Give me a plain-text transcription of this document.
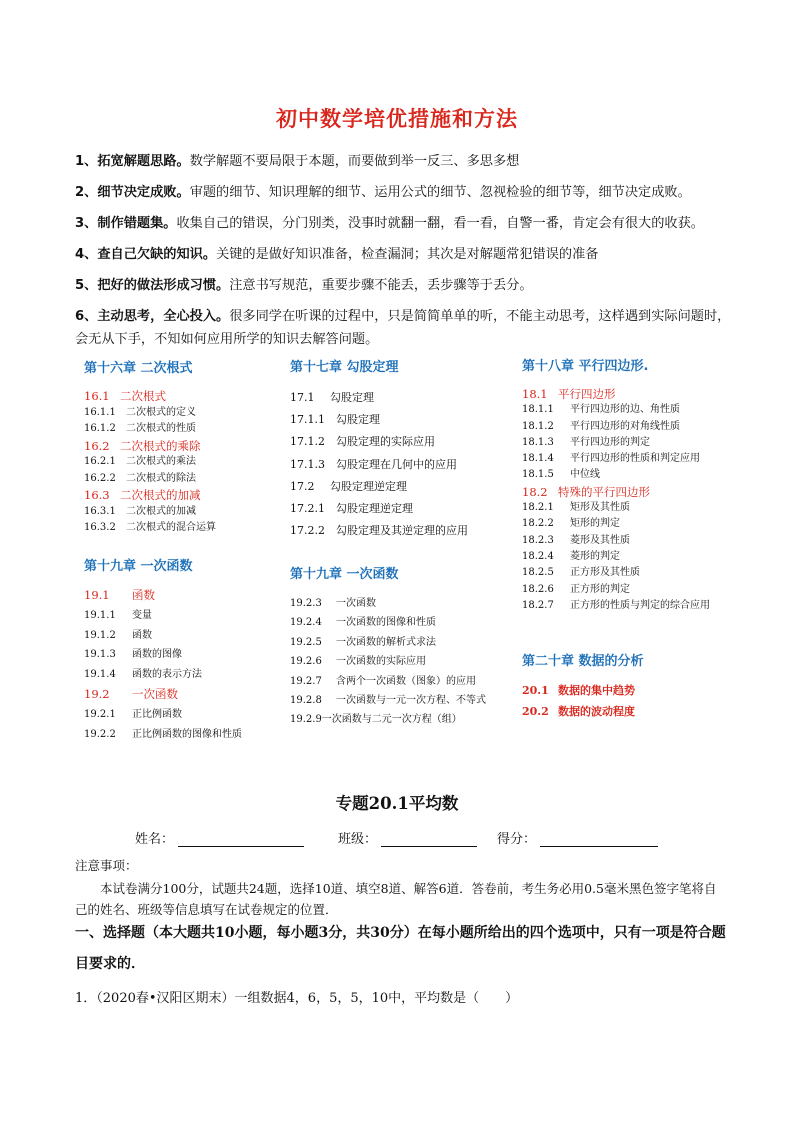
初中数学培优措施和方法

1、拓宽解题思路。数学解题不要局限于本题，而要做到举一反三、多思多想

2、细节决定成败。审题的细节、知识理解的细节、运用公式的细节、忽视检验的细节等，细节决定成败。

3、制作错题集。收集自己的错误，分门别类，没事时就翻一翻，看一看，自警一番，肯定会有很大的收获。

4、查自己欠缺的知识。关键的是做好知识准备，检查漏洞；其次是对解题常犯错误的准备

5、把好的做法形成习惯。注意书写规范，重要步骤不能丢，丢步骤等于丢分。

6、主动思考，全心投入。很多同学在听课的过程中，只是简简单单的听，不能主动思考，这样遇到实际问题时，会无从下手，不知如何应用所学的知识去解答问题。

第十六章 二次根式
16.1 二次根式
16.1.1	二次根式的定义
16.1.2	二次根式的性质
16.2 二次根式的乘除
16.2.1	二次根式的乘法
16.2.2	二次根式的除法
16.3 二次根式的加减
16.3.1	二次根式的加减
16.3.2	二次根式的混合运算
第十九章 一次函数
19.1	函数
19.1.1	变量
19.1.2	函数
19.1.3	函数的图像
19.1.4	函数的表示方法
19.2	一次函数
19.2.1	正比例函数
19.2.2	正比例函数的图像和性质
第十七章 勾股定理
17.1	勾股定理
17.1.1	勾股定理
17.1.2	勾股定理的实际应用
17.1.3	勾股定理在几何中的应用
17.2	勾股定理逆定理
17.2.1	勾股定理逆定理
17.2.2	勾股定理及其逆定理的应用
第十九章 一次函数
19.2.3	一次函数
19.2.4	一次函数的图像和性质
19.2.5	一次函数的解析式求法
19.2.6	一次函数的实际应用
19.2.7	含两个一次函数（图象）的应用
19.2.8	一次函数与一元一次方程、不等式
19.2.9一次函数与二元一次方程（组）
第十八章 平行四边形.
18.1 平行四边形
18.1.1	平行四边形的边、角性质
18.1.2	平行四边形的对角线性质
18.1.3	平行四边形的判定
18.1.4	平行四边形的性质和判定应用
18.1.5	中位线
18.2 特殊的平行四边形
18.2.1	矩形及其性质
18.2.2	矩形的判定
18.2.3	菱形及其性质
18.2.4	菱形的判定
18.2.5	正方形及其性质
18.2.6	正方形的判定
18.2.7	正方形的性质与判定的综合应用
第二十章 数据的分析
20.1 数据的集中趋势
20.2 数据的波动程度
专题20.1平均数
姓名：	班级：	得分：
注意事项：
本试卷满分100分，试题共24题，选择10道、填空8道、解答6道．答卷前，考生务必用0.5毫米黑色签字笔将自己的姓名、班级等信息填写在试卷规定的位置．
一、选择题（本大题共10小题，每小题3分，共30分）在每小题所给出的四个选项中，只有一项是符合题目要求的．
1．（2020春•汉阳区期末）一组数据4，6，5，5，10中，平均数是（　　）
